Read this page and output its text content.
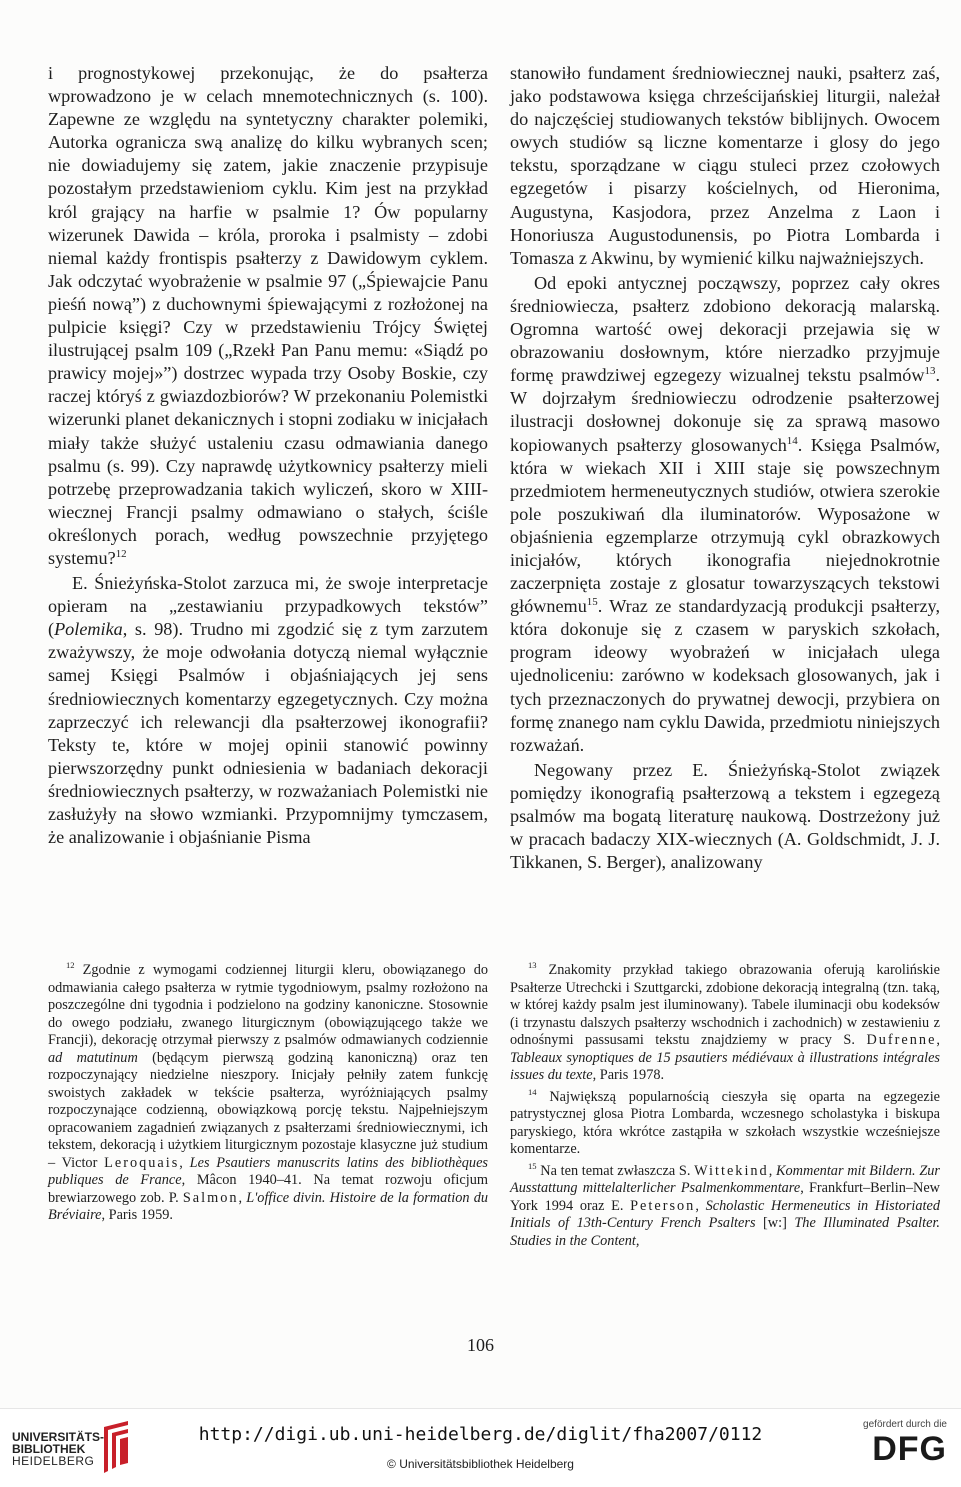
i prognostykowej przekonując, że do psałterza wprowadzono je w celach mnemotechnicznych (s. 100). Zapewne ze względu na syntetyczny charakter polemiki, Autorka ogranicza swą analizę do kilku wybranych scen; nie dowiadujemy się zatem, jakie znaczenie przypisuje pozostałym przedstawieniom cyklu. Kim jest na przykład król grający na harfie w psalmie 1? Ów popularny wizerunek Dawida – króla, proroka i psalmisty – zdobi niemal każdy frontispis psałterzy z Dawidowym cyklem. Jak odczytać wyobrażenie w psalmie 97 („Śpiewajcie Panu pieśń nową”) z duchownymi śpiewającymi z rozłożonej na pulpicie księgi? Czy w przedstawieniu Trójcy Świętej ilustrującej psalm 109 („Rzekł Pan Panu memu: «Siądź po prawicy mojej»”) dostrzec wypada trzy Osoby Boskie, czy raczej któryś z gwiazdozbiorów? W przekonaniu Polemistki wizerunki planet dekanicznych i stopni zodiaku w inicjałach miały także służyć ustaleniu czasu odmawiania danego psalmu (s. 99). Czy naprawdę użytkownicy psałterzy mieli potrzebę przeprowadzania takich wyliczeń, skoro w XIII-wiecznej Francji psalmy odmawiano o stałych, ściśle określonych porach, według powszechnie przyjętego systemu?$^{12}$

E. Śnieżyńska-Stolot zarzuca mi, że swoje interpretacje opieram na „zestawianiu przypadkowych tekstów” (Polemika, s. 98). Trudno mi zgodzić się z tym zarzutem zważywszy, że moje odwołania dotyczą niemal wyłącznie samej Księgi Psalmów i objaśniających jej sens średniowiecznych komentarzy egzegetycznych. Czy można zaprzeczyć ich relewancji dla psałterzowej ikonografii? Teksty te, które w mojej opinii stanowić powinny pierwszorzędny punkt odniesienia w badaniach dekoracji średniowiecznych psałterzy, w rozważaniach Polemistki nie zasłużyły na słowo wzmianki. Przypomnijmy tymczasem, że analizowanie i objaśnianie Pisma

stanowiło fundament średniowiecznej nauki, psałterz zaś, jako podstawowa księga chrześcijańskiej liturgii, należał do najczęściej studiowanych tekstów biblijnych. Owocem owych studiów są liczne komentarze i glosy do jego tekstu, sporządzane w ciągu stuleci przez czołowych egzegetów i pisarzy kościelnych, od Hieronima, Augustyna, Kasjodora, przez Anzelma z Laon i Honoriusza Augustodunensis, po Piotra Lombarda i Tomasza z Akwinu, by wymienić kilku najważniejszych.

Od epoki antycznej począwszy, poprzez cały okres średniowiecza, psałterz zdobiono dekoracją malarską. Ogromna wartość owej dekoracji przejawia się w obrazowaniu dosłownym, które nierzadko przyjmuje formę prawdziwej egzegezy wizualnej tekstu psalmów$^{13}$. W dojrzałym średniowieczu odrodzenie psałterzowej ilustracji dosłownej dokonuje się za sprawą masowo kopiowanych psałterzy glosowanych$^{14}$. Księga Psalmów, która w wiekach XII i XIII staje się powszechnym przedmiotem hermeneutycznych studiów, otwiera szerokie pole poszukiwań dla iluminatorów. Wyposażone w objaśnienia egzemplarze otrzymują cykl obrazkowych inicjałów, których ikonografia niejednokrotnie zaczerpnięta zostaje z glosatur towarzyszących tekstowi głównemu$^{15}$. Wraz ze standardyzacją produkcji psałterzy, która dokonuje się z czasem w paryskich szkołach, program ideowy wyobrażeń w inicjałach ulega ujednoliceniu: zarówno w kodeksach glosowanych, jak i tych przeznaczonych do prywatnej dewocji, przybiera on formę znanego nam cyklu Dawida, przedmiotu niniejszych rozważań.

Negowany przez E. Śnieżyńską-Stolot związek pomiędzy ikonografią psałterzową a tekstem i egzegezą psalmów ma bogatą literaturę naukową. Dostrzeżony już w pracach badaczy XIX-wiecznych (A. Goldschmidt, J. J. Tikkanen, S. Berger), analizowany

$^{12}$ Zgodnie z wymogami codziennej liturgii kleru, obowiązanego do odmawiania całego psałterza w rytmie tygodniowym, psalmy rozłożono na poszczególne dni tygodnia i podzielono na godziny kanoniczne. Stosownie do owego podziału, zwanego liturgicznym (obowiązującego także we Francji), dekorację otrzymał pierwszy z psalmów odmawianych codziennie ad matutinum (będącym pierwszą godziną kanoniczną) oraz ten rozpoczynający niedzielne nieszpory. Inicjały pełniły zatem funkcję swoistych zakładek w tekście psałterza, wyróżniających psalmy rozpoczynające codzienną, obowiązkową porcję tekstu. Najpełniejszym opracowaniem zagadnień związanych z psałterzami średniowiecznymi, ich tekstem, dekoracją i użytkiem liturgicznym pozostaje klasyczne już studium – Victor Leroquais, Les Psautiers manuscrits latins des bibliothèques publiques de France, Mâcon 1940–41. Na temat rozwoju oficjum brewiarzowego zob. P. Salmon, L'office divin. Histoire de la formation du Bréviaire, Paris 1959.

$^{13}$ Znakomity przykład takiego obrazowania oferują karolińskie Psałterze Utrechcki i Szuttgarcki, zdobione dekoracją integralną (tzn. taką, w której każdy psalm jest iluminowany). Tabele iluminacji obu kodeksów (i trzynastu dalszych psałterzy wschodnich i zachodnich) w zestawieniu z odnośnymi passusami tekstu znajdziemy w pracy S. Dufrenne, Tableaux synoptiques de 15 psautiers médiévaux à illustrations intégrales issues du texte, Paris 1978.

$^{14}$ Największą popularnością cieszyła się oparta na egzegezie patrystycznej glosa Piotra Lombarda, wczesnego scholastyka i biskupa paryskiego, która wkrótce zastąpiła w szkołach wszystkie wcześniejsze komentarze.

$^{15}$ Na ten temat zwłaszcza S. Wittekind, Kommentar mit Bildern. Zur Ausstattung mittelalterlicher Psalmenkommentare, Frankfurt–Berlin–New York 1994 oraz E. Peterson, Scholastic Hermeneutics in Historiated Initials of 13th-Century French Psalters [w:] The Illuminated Psalter. Studies in the Content,

106
UNIVERSITÄTS-
BIBLIOTHEK
HEIDELBERG
http://digi.ub.uni-heidelberg.de/diglit/fha2007/0112
© Universitätsbibliothek Heidelberg
gefördert durch die
DFG
